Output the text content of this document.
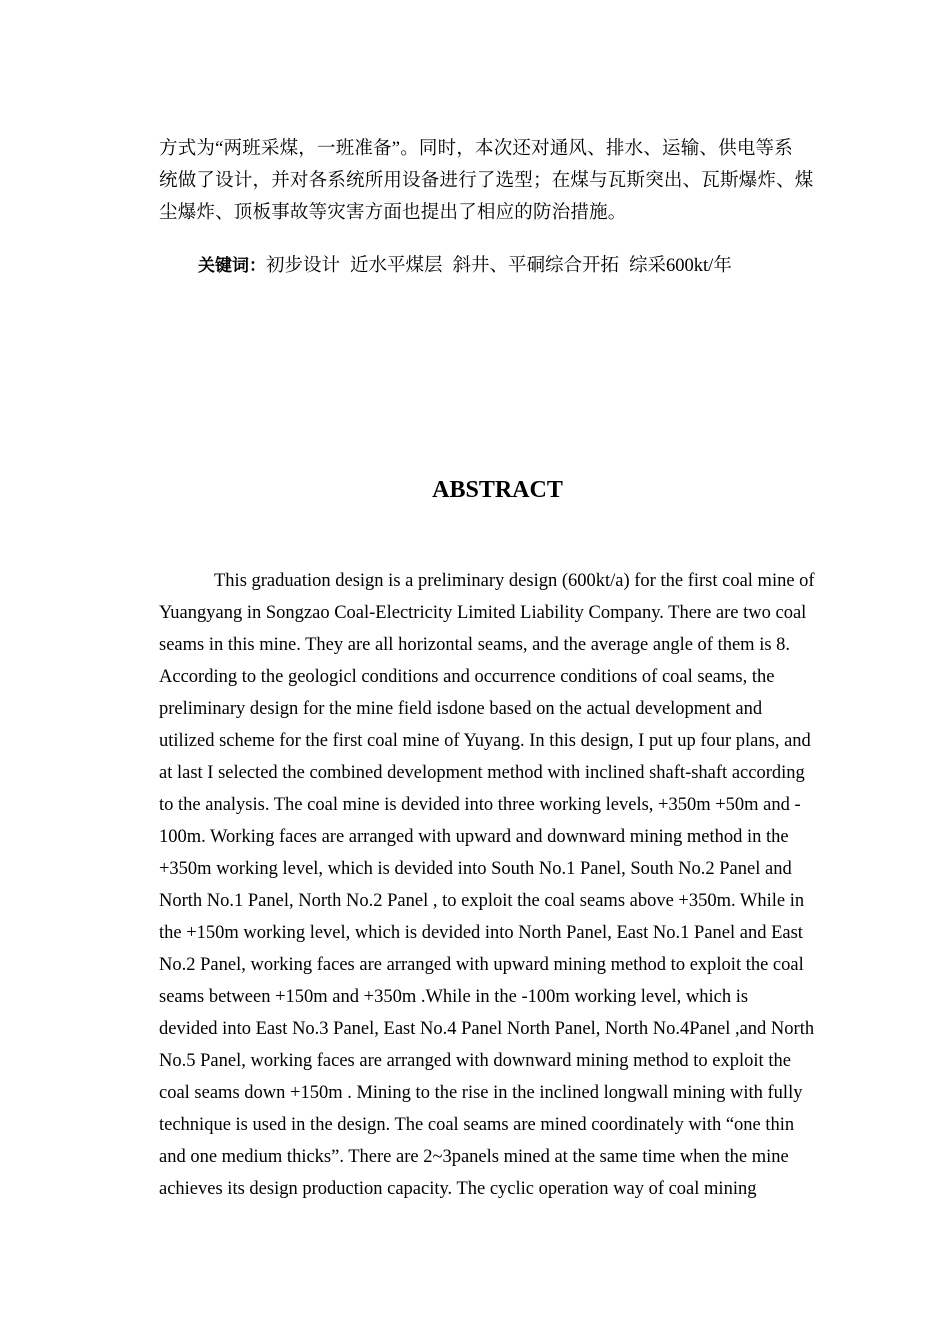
方式为“两班采煤，一班准备”。同时，本次还对通风、排水、运输、供电等系
统做了设计，并对各系统所用设备进行了选型；在煤与瓦斯突出、瓦斯爆炸、煤
尘爆炸、顶板事故等灾害方面也提出了相应的防治措施。
关键词：初步设计 近水平煤层 斜井、平硐综合开拓 综采600kt/年
ABSTRACT
This graduation design is a preliminary design (600kt/a) for the first coal mine of
Yuangyang in Songzao Coal-Electricity Limited Liability Company. There are two coal
seams in this mine. They are all horizontal seams, and the average angle of them is 8.
According to the geologicl conditions and occurrence conditions of coal seams, the
preliminary design for the mine field isdone based on the actual development and
utilized scheme for the first coal mine of Yuyang. In this design, I put up four plans, and
at last I selected the combined development method with inclined shaft-shaft according
to the analysis. The coal mine is devided into three working levels, +350m +50m and -
100m. Working faces are arranged with upward and downward mining method in the
+350m working level, which is devided into South No.1 Panel, South No.2 Panel and
North No.1 Panel, North No.2 Panel , to exploit the coal seams above +350m. While in
the +150m working level, which is devided into North Panel, East No.1 Panel and East
No.2 Panel, working faces are arranged with upward mining method to exploit the coal
seams between +150m and +350m .While in the -100m working level, which is
devided into East No.3 Panel, East No.4 Panel North Panel, North No.4Panel ,and North
No.5 Panel, working faces are arranged with downward mining method to exploit the
coal seams down +150m . Mining to the rise in the inclined longwall mining with fully
technique is used in the design. The coal seams are mined coordinately with “one thin
and one medium thicks”. There are 2~3panels mined at the same time when the mine
achieves its design production capacity. The cyclic operation way of coal mining
